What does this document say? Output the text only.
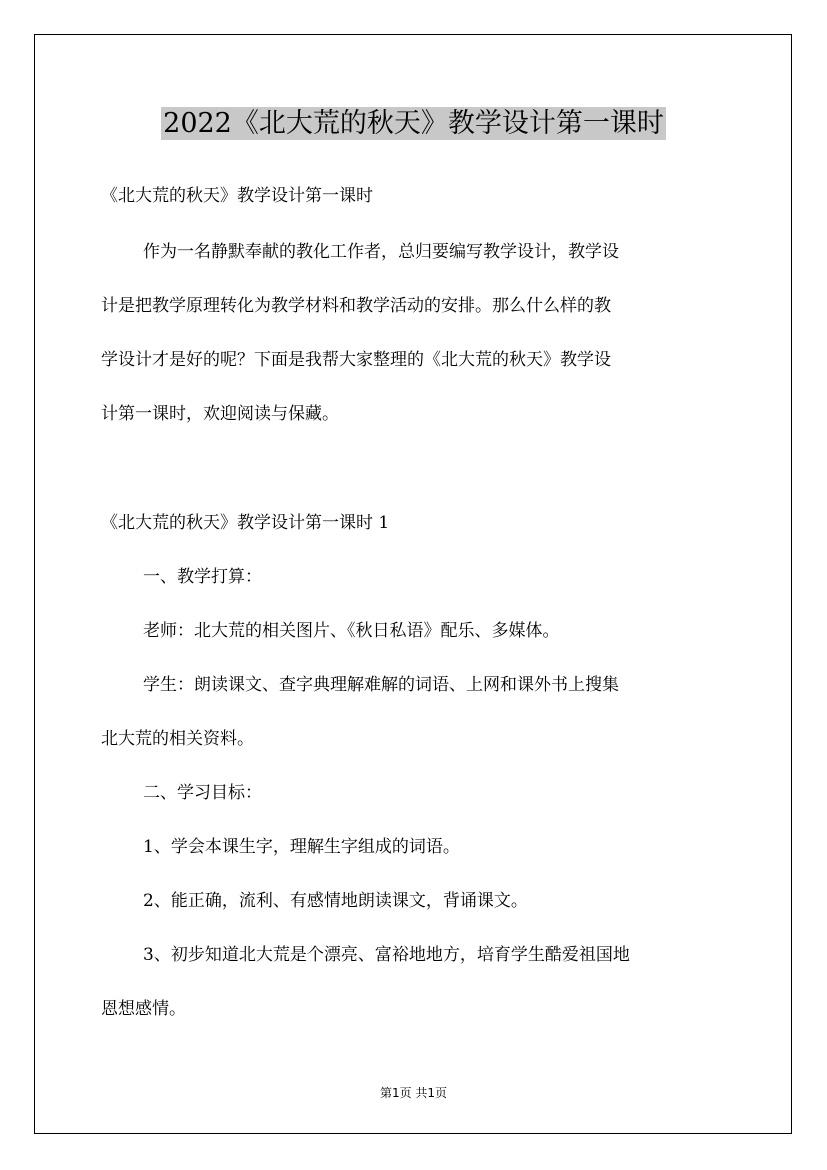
2022《北大荒的秋天》教学设计第一课时

《北大荒的秋天》教学设计第一课时

作为一名静默奉献的教化工作者，总归要编写教学设计，教学设

计是把教学原理转化为教学材料和教学活动的安排。那么什么样的教

学设计才是好的呢？下面是我帮大家整理的《北大荒的秋天》教学设

计第一课时，欢迎阅读与保藏。

《北大荒的秋天》教学设计第一课时 1

一、教学打算：

老师：北大荒的相关图片、《秋日私语》配乐、多媒体。

学生：朗读课文、查字典理解难解的词语、上网和课外书上搜集

北大荒的相关资料。

二、学习目标：

1、学会本课生字，理解生字组成的词语。

2、能正确，流利、有感情地朗读课文，背诵课文。

3、初步知道北大荒是个漂亮、富裕地地方，培育学生酷爱祖国地

恩想感情。

第1页 共1页
